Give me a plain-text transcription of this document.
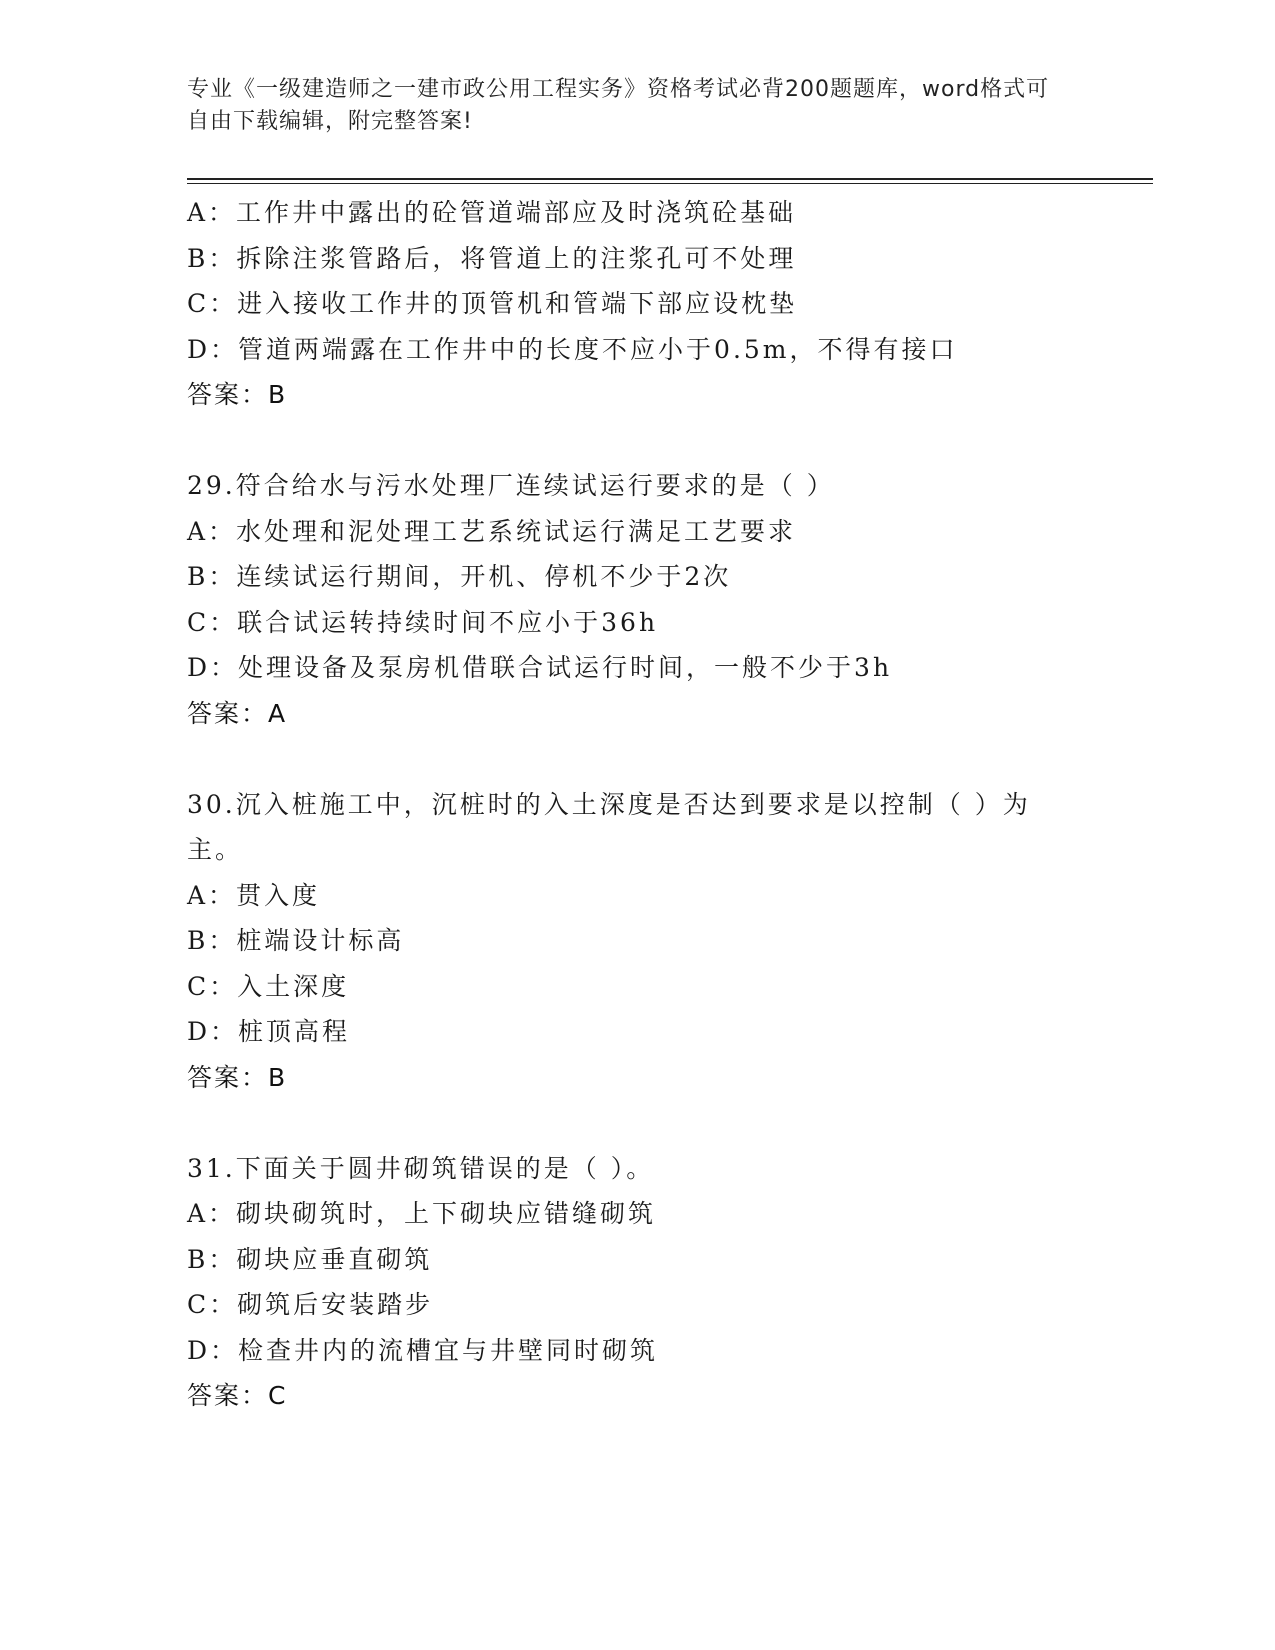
专业《一级建造师之一建市政公用工程实务》资格考试必背200题题库，word格式可自由下载编辑，附完整答案!
A：工作井中露出的砼管道端部应及时浇筑砼基础
B：拆除注浆管路后，将管道上的注浆孔可不处理
C：进入接收工作井的顶管机和管端下部应设枕垫
D：管道两端露在工作井中的长度不应小于0.5m，不得有接口
答案：B
29.符合给水与污水处理厂连续试运行要求的是（ ）
A：水处理和泥处理工艺系统试运行满足工艺要求
B：连续试运行期间，开机、停机不少于2次
C：联合试运转持续时间不应小于36h
D：处理设备及泵房机借联合试运行时间，一般不少于3h
答案：A
30.沉入桩施工中，沉桩时的入土深度是否达到要求是以控制（ ）为主。
A：贯入度
B：桩端设计标高
C：入土深度
D：桩顶高程
答案：B
31.下面关于圆井砌筑错误的是（ ）。
A：砌块砌筑时，上下砌块应错缝砌筑
B：砌块应垂直砌筑
C：砌筑后安装踏步
D：检查井内的流槽宜与井壁同时砌筑
答案：C
